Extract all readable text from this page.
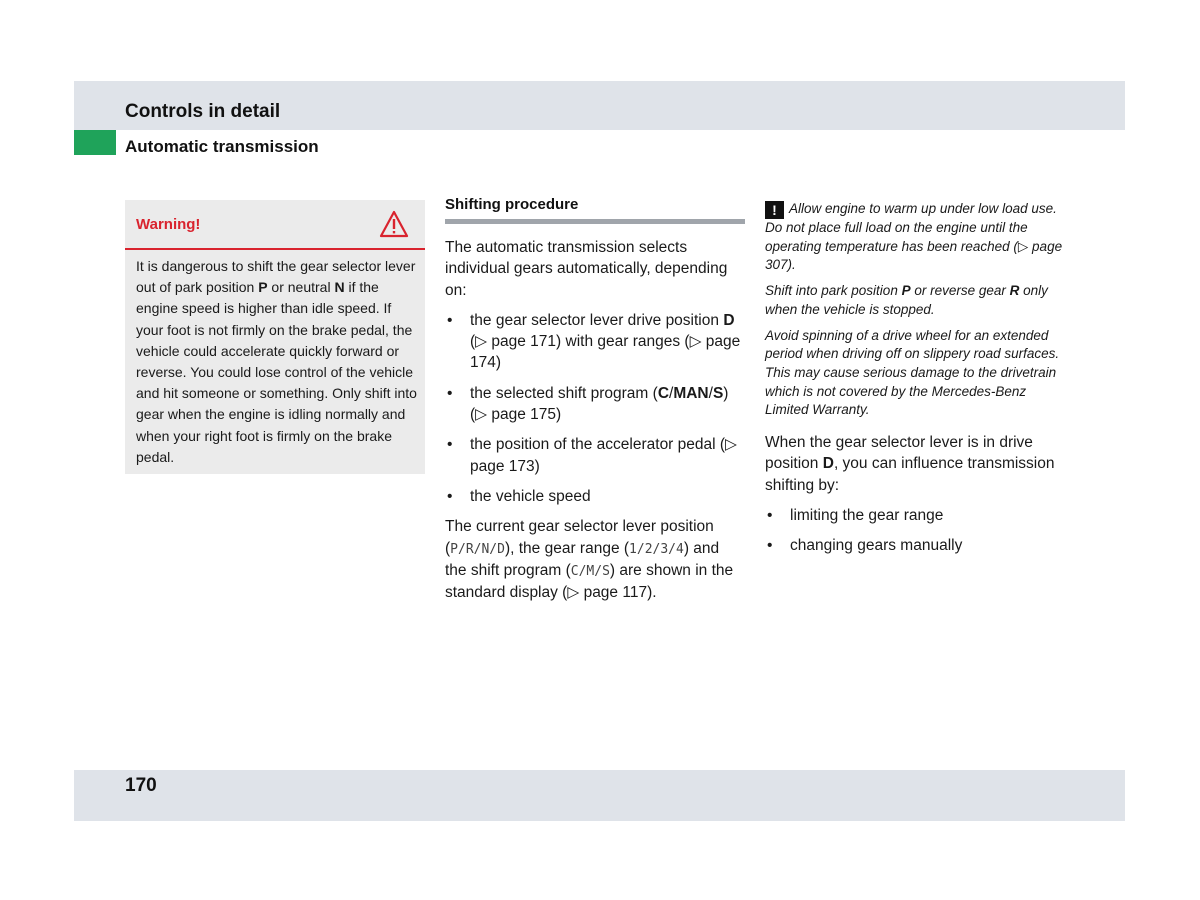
Controls in detail
Automatic transmission
Warning!
It is dangerous to shift the gear selector lever out of park position P or neutral N if the engine speed is higher than idle speed. If your foot is not firmly on the brake pedal, the vehicle could accelerate quickly forward or reverse. You could lose control of the vehicle and hit someone or something. Only shift into gear when the engine is idling normally and when your right foot is firmly on the brake pedal.
Shifting procedure

The automatic transmission selects individual gears automatically, depending on:

• the gear selector lever drive position D (▷ page 171) with gear ranges (▷ page 174)
• the selected shift program (C/MAN/S) (▷ page 175)
• the position of the accelerator pedal (▷ page 173)
• the vehicle speed

The current gear selector lever position (P/R/N/D), the gear range (1/2/3/4) and the shift program (C/M/S) are shown in the standard display (▷ page 117).

! Allow engine to warm up under low load use. Do not place full load on the engine until the operating temperature has been reached (▷ page 307).

Shift into park position P or reverse gear R only when the vehicle is stopped.

Avoid spinning of a drive wheel for an extended period when driving off on slippery road surfaces. This may cause serious damage to the drivetrain which is not covered by the Mercedes-Benz Limited Warranty.

When the gear selector lever is in drive position D, you can influence transmission shifting by:

• limiting the gear range
• changing gears manually
170
